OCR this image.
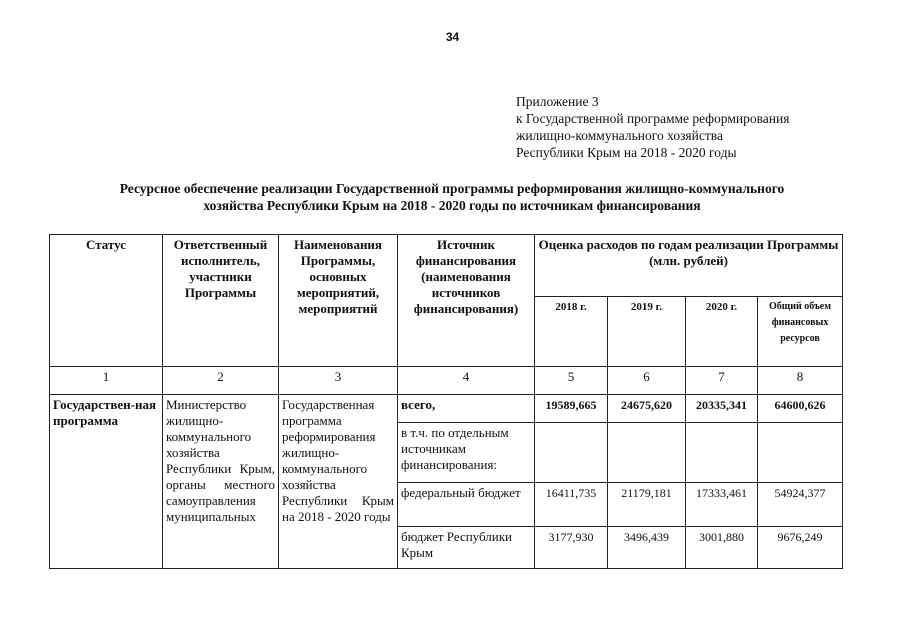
34
Приложение 3
к Государственной программе реформирования
жилищно-коммунального хозяйства
Республики Крым на 2018 - 2020 годы
Ресурсное обеспечение реализации Государственной программы реформирования жилищно-коммунального
хозяйства Республики Крым на 2018 - 2020 годы по источникам финансирования
Статус	Ответственный исполнитель, участники Программы	Наименования Программы, основных мероприятий, мероприятий	Источник финансирования (наименования источников финансирования)	Оценка расходов по годам реализации Программы (млн. рублей)			
				2018 г.	2019 г.	2020 г.	Общий объем финансовых ресурсов
1	2	3	4	5	6	7	8
Государствен-ная программа	Министерство жилищно-коммунального хозяйства Республики Крым, органы местного самоуправления муниципальных	Государственная программа реформирования жилищно-коммунального хозяйства Республики Крым на 2018 - 2020 годы	всего,	19589,665	24675,620	20335,341	64600,626
			в т.ч. по отдельным источникам финансирования:				
			федеральный бюджет	16411,735	21179,181	17333,461	54924,377
			бюджет Республики Крым	3177,930	3496,439	3001,880	9676,249
